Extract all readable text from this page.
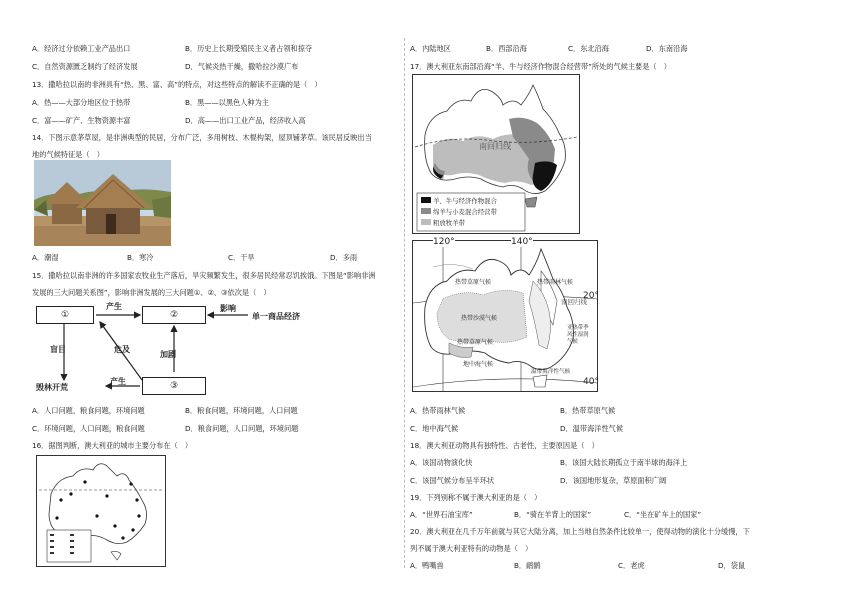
A．经济过分依赖工业产品出口	B．历史上长期受殖民主义者占领和掠夺
C．自然资源匮乏制约了经济发展	D．气候炎热干燥，撒哈拉沙漠广布
13．撒哈拉以南的非洲具有“热、黑、富、高”的特点，对这些特点的解读不正确的是（　）
A．热——大部分地区位于热带	B．黑——以黑色人种为主
C．富——矿产、生物资源丰富	D．高——出口工业产品，经济收入高
14．下图示意茅草屋，是非洲典型的民居，分布广泛，多用树枝、木棍构架，屋顶铺茅草。该民居反映出当
地的气候特征是（　）
A．潮湿	B．寒冷	C．干旱	D．多雨
15．撒哈拉以南非洲的许多国家农牧业生产落后，旱灾频繁发生，很多居民经常忍饥挨饿。下图是“影响非洲
发展的三大问题关系图”，影响非洲发展的三大问题①、②、③依次是（　）
①	②
③
产生	影响
单一商品经济
盲目	危及
加剧
毁林开荒
产生
A．人口问题，粮食问题，环境问题	B．粮食问题，环境问题，人口问题
C．环境问题，人口问题，粮食问题	D．粮食问题，人口问题，环境问题
16．据图判断，澳大利亚的城市主要分布在（　）
A．内陆地区	B．西部沿海	C．东北沿海	D．东南沿海
17．澳大利亚东南部沿海“羊、牛与经济作物混合经营带”所处的气候主要是（　）
南回归线
羊、牛与经济作物混合
绵羊与小麦混合经营带
粗放牧羊带
120°	140°
20°
40°
南回归线
热带草原气候	热带雨林气候
热带沙漠气候
热带草原气候
亚热带季风性湿润气候
地中海气候
温带海洋性气候
A．热带雨林气候	B．热带草原气候
C．地中海气候	D．温带海洋性气候
18．澳大利亚动物具有独特性、古老性，主要原因是（　）
A．该国动物演化快	B．该国大陆长期孤立于南半球的海洋上
C．该国气候分布呈半环状	D．该国地形复杂，草原面积广阔
19．下列别称不属于澳大利亚的是（　）
A．“世界石油宝库”	B．“骑在羊背上的国家”	C．“坐在矿车上的国家”
20．澳大利亚在几千万年前就与其它大陆分离，加上当地自然条件比较单一，使得动物的演化十分缓慢，下
列不属于澳大利亚特有的动物是（　）
A．鸭嘴兽	B．鸸鹋	C．老虎	D．袋鼠
